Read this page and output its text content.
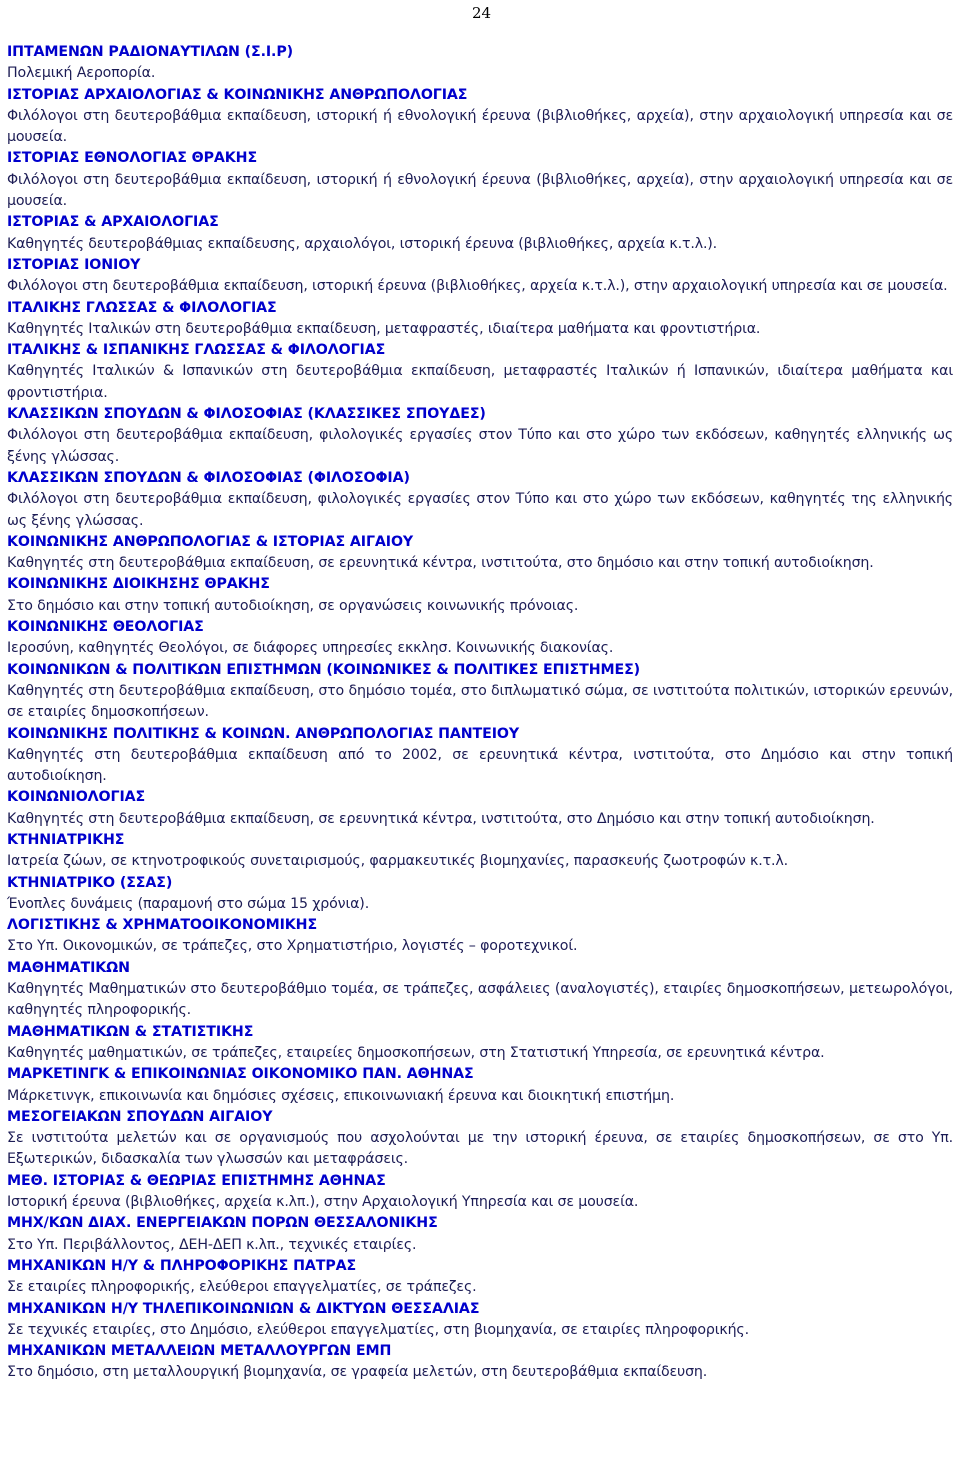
24

ΙΠΤΑΜΕΝΩΝ ΡΑΔΙΟΝΑΥΤΙΛΩΝ (Σ.Ι.Ρ)

Πολεμική Αεροπορία.

ΙΣΤΟΡΙΑΣ ΑΡΧΑΙΟΛΟΓΙΑΣ & ΚΟΙΝΩΝΙΚΗΣ ΑΝΘΡΩΠΟΛΟΓΙΑΣ

Φιλόλογοι στη δευτεροβάθμια εκπαίδευση, ιστορική ή εθνολογική έρευνα (βιβλιοθήκες, αρχεία), στην αρχαιολογική υπηρεσία και σε μουσεία.

ΙΣΤΟΡΙΑΣ ΕΘΝΟΛΟΓΙΑΣ ΘΡΑΚΗΣ

Φιλόλογοι στη δευτεροβάθμια εκπαίδευση, ιστορική ή εθνολογική έρευνα (βιβλιοθήκες, αρχεία), στην αρχαιολογική υπηρεσία και σε μουσεία.

ΙΣΤΟΡΙΑΣ & ΑΡΧΑΙΟΛΟΓΙΑΣ

Καθηγητές δευτεροβάθμιας εκπαίδευσης, αρχαιολόγοι, ιστορική έρευνα (βιβλιοθήκες, αρχεία κ.τ.λ.).

ΙΣΤΟΡΙΑΣ ΙΟΝΙΟΥ

Φιλόλογοι στη δευτεροβάθμια εκπαίδευση, ιστορική έρευνα (βιβλιοθήκες, αρχεία κ.τ.λ.), στην αρχαιολογική υπηρεσία και σε μουσεία.

ΙΤΑΛΙΚΗΣ ΓΛΩΣΣΑΣ & ΦΙΛΟΛΟΓΙΑΣ

Καθηγητές Ιταλικών στη δευτεροβάθμια εκπαίδευση, μεταφραστές, ιδιαίτερα μαθήματα και φροντιστήρια.

ΙΤΑΛΙΚΗΣ & ΙΣΠΑΝΙΚΗΣ ΓΛΩΣΣΑΣ & ΦΙΛΟΛΟΓΙΑΣ

Καθηγητές Ιταλικών & Ισπανικών στη δευτεροβάθμια εκπαίδευση, μεταφραστές Ιταλικών ή Ισπανικών, ιδιαίτερα μαθήματα και φροντιστήρια.

ΚΛΑΣΣΙΚΩΝ ΣΠΟΥΔΩΝ & ΦΙΛΟΣΟΦΙΑΣ (ΚΛΑΣΣΙΚΕΣ ΣΠΟΥΔΕΣ)

Φιλόλογοι στη δευτεροβάθμια εκπαίδευση, φιλολογικές εργασίες στον Τύπο και στο χώρο των εκδόσεων, καθηγητές ελληνικής ως ξένης γλώσσας.

ΚΛΑΣΣΙΚΩΝ ΣΠΟΥΔΩΝ & ΦΙΛΟΣΟΦΙΑΣ (ΦΙΛΟΣΟΦΙΑ)

Φιλόλογοι στη δευτεροβάθμια εκπαίδευση, φιλολογικές εργασίες στον Τύπο και στο χώρο των εκδόσεων, καθηγητές της ελληνικής ως ξένης γλώσσας.

ΚΟΙΝΩΝΙΚΗΣ ΑΝΘΡΩΠΟΛΟΓΙΑΣ & ΙΣΤΟΡΙΑΣ ΑΙΓΑΙΟΥ

Καθηγητές στη δευτεροβάθμια εκπαίδευση, σε ερευνητικά κέντρα, ινστιτούτα, στο δημόσιο και στην τοπική αυτοδιοίκηση.

ΚΟΙΝΩΝΙΚΗΣ ΔΙΟΙΚΗΣΗΣ ΘΡΑΚΗΣ

Στο δημόσιο και στην τοπική αυτοδιοίκηση, σε οργανώσεις κοινωνικής πρόνοιας.

ΚΟΙΝΩΝΙΚΗΣ ΘΕΟΛΟΓΙΑΣ

Ιεροσύνη, καθηγητές Θεολόγοι, σε διάφορες υπηρεσίες εκκλησ. Κοινωνικής διακονίας.

ΚΟΙΝΩΝΙΚΩΝ & ΠΟΛΙΤΙΚΩΝ ΕΠΙΣΤΗΜΩΝ (ΚΟΙΝΩΝΙΚΕΣ & ΠΟΛΙΤΙΚΕΣ ΕΠΙΣΤΗΜΕΣ)

Καθηγητές στη δευτεροβάθμια εκπαίδευση, στο δημόσιο τομέα, στο διπλωματικό σώμα, σε ινστιτούτα πολιτικών, ιστορικών ερευνών, σε εταιρίες δημοσκοπήσεων.

ΚΟΙΝΩΝΙΚΗΣ ΠΟΛΙΤΙΚΗΣ & ΚΟΙΝΩΝ. ΑΝΘΡΩΠΟΛΟΓΙΑΣ ΠΑΝΤΕΙΟΥ

Καθηγητές στη δευτεροβάθμια εκπαίδευση από το 2002, σε ερευνητικά κέντρα, ινστιτούτα, στο Δημόσιο και στην τοπική αυτοδιοίκηση.

ΚΟΙΝΩΝΙΟΛΟΓΙΑΣ

Καθηγητές στη δευτεροβάθμια εκπαίδευση, σε ερευνητικά κέντρα, ινστιτούτα, στο Δημόσιο και στην τοπική αυτοδιοίκηση.

ΚΤΗΝΙΑΤΡΙΚΗΣ

Ιατρεία ζώων, σε κτηνοτροφικούς συνεταιρισμούς, φαρμακευτικές βιομηχανίες, παρασκευής ζωοτροφών κ.τ.λ.

ΚΤΗΝΙΑΤΡΙΚΟ (ΣΣΑΣ)

Ένοπλες δυνάμεις (παραμονή στο σώμα 15 χρόνια).

ΛΟΓΙΣΤΙΚΗΣ & ΧΡΗΜΑΤΟΟΙΚΟΝΟΜΙΚΗΣ

Στο Υπ. Οικονομικών, σε τράπεζες, στο Χρηματιστήριο, λογιστές – φοροτεχνικοί.

ΜΑΘΗΜΑΤΙΚΩΝ

Καθηγητές Μαθηματικών στο δευτεροβάθμιο τομέα, σε τράπεζες, ασφάλειες (αναλογιστές), εταιρίες δημοσκοπήσεων, μετεωρολόγοι, καθηγητές πληροφορικής.

ΜΑΘΗΜΑΤΙΚΩΝ & ΣΤΑΤΙΣΤΙΚΗΣ

Καθηγητές μαθηματικών, σε τράπεζες, εταιρείες δημοσκοπήσεων, στη Στατιστική Υπηρεσία, σε ερευνητικά κέντρα.

ΜΑΡΚΕΤΙΝΓΚ & ΕΠΙΚΟΙΝΩΝΙΑΣ ΟΙΚΟΝΟΜΙΚΟ ΠΑΝ. ΑΘΗΝΑΣ

Μάρκετινγκ, επικοινωνία και δημόσιες σχέσεις, επικοινωνιακή έρευνα και διοικητική επιστήμη.

ΜΕΣΟΓΕΙΑΚΩΝ ΣΠΟΥΔΩΝ ΑΙΓΑΙΟΥ

Σε ινστιτούτα μελετών και σε οργανισμούς που ασχολούνται με την ιστορική έρευνα, σε εταιρίες δημοσκοπήσεων, σε στο Υπ. Εξωτερικών, διδασκαλία των γλωσσών και μεταφράσεις.

ΜΕΘ. ΙΣΤΟΡΙΑΣ & ΘΕΩΡΙΑΣ ΕΠΙΣΤΗΜΗΣ ΑΘΗΝΑΣ

Ιστορική έρευνα (βιβλιοθήκες, αρχεία κ.λπ.), στην Αρχαιολογική Υπηρεσία και σε μουσεία.

ΜΗΧ/ΚΩΝ ΔΙΑΧ. ΕΝΕΡΓΕΙΑΚΩΝ ΠΟΡΩΝ ΘΕΣΣΑΛΟΝΙΚΗΣ

Στο Υπ. Περιβάλλοντος, ΔΕΗ-ΔΕΠ κ.λπ., τεχνικές εταιρίες.

ΜΗΧΑΝΙΚΩΝ Η/Υ & ΠΛΗΡΟΦΟΡΙΚΗΣ ΠΑΤΡΑΣ

Σε εταιρίες πληροφορικής, ελεύθεροι επαγγελματίες, σε τράπεζες.

ΜΗΧΑΝΙΚΩΝ Η/Υ ΤΗΛΕΠΙΚΟΙΝΩΝΙΩΝ & ΔΙΚΤΥΩΝ ΘΕΣΣΑΛΙΑΣ

Σε τεχνικές εταιρίες, στο Δημόσιο, ελεύθεροι επαγγελματίες, στη βιομηχανία, σε εταιρίες πληροφορικής.

ΜΗΧΑΝΙΚΩΝ ΜΕΤΑΛΛΕΙΩΝ ΜΕΤΑΛΛΟΥΡΓΩΝ ΕΜΠ

Στο δημόσιο, στη μεταλλουργική βιομηχανία, σε γραφεία μελετών, στη δευτεροβάθμια εκπαίδευση.
